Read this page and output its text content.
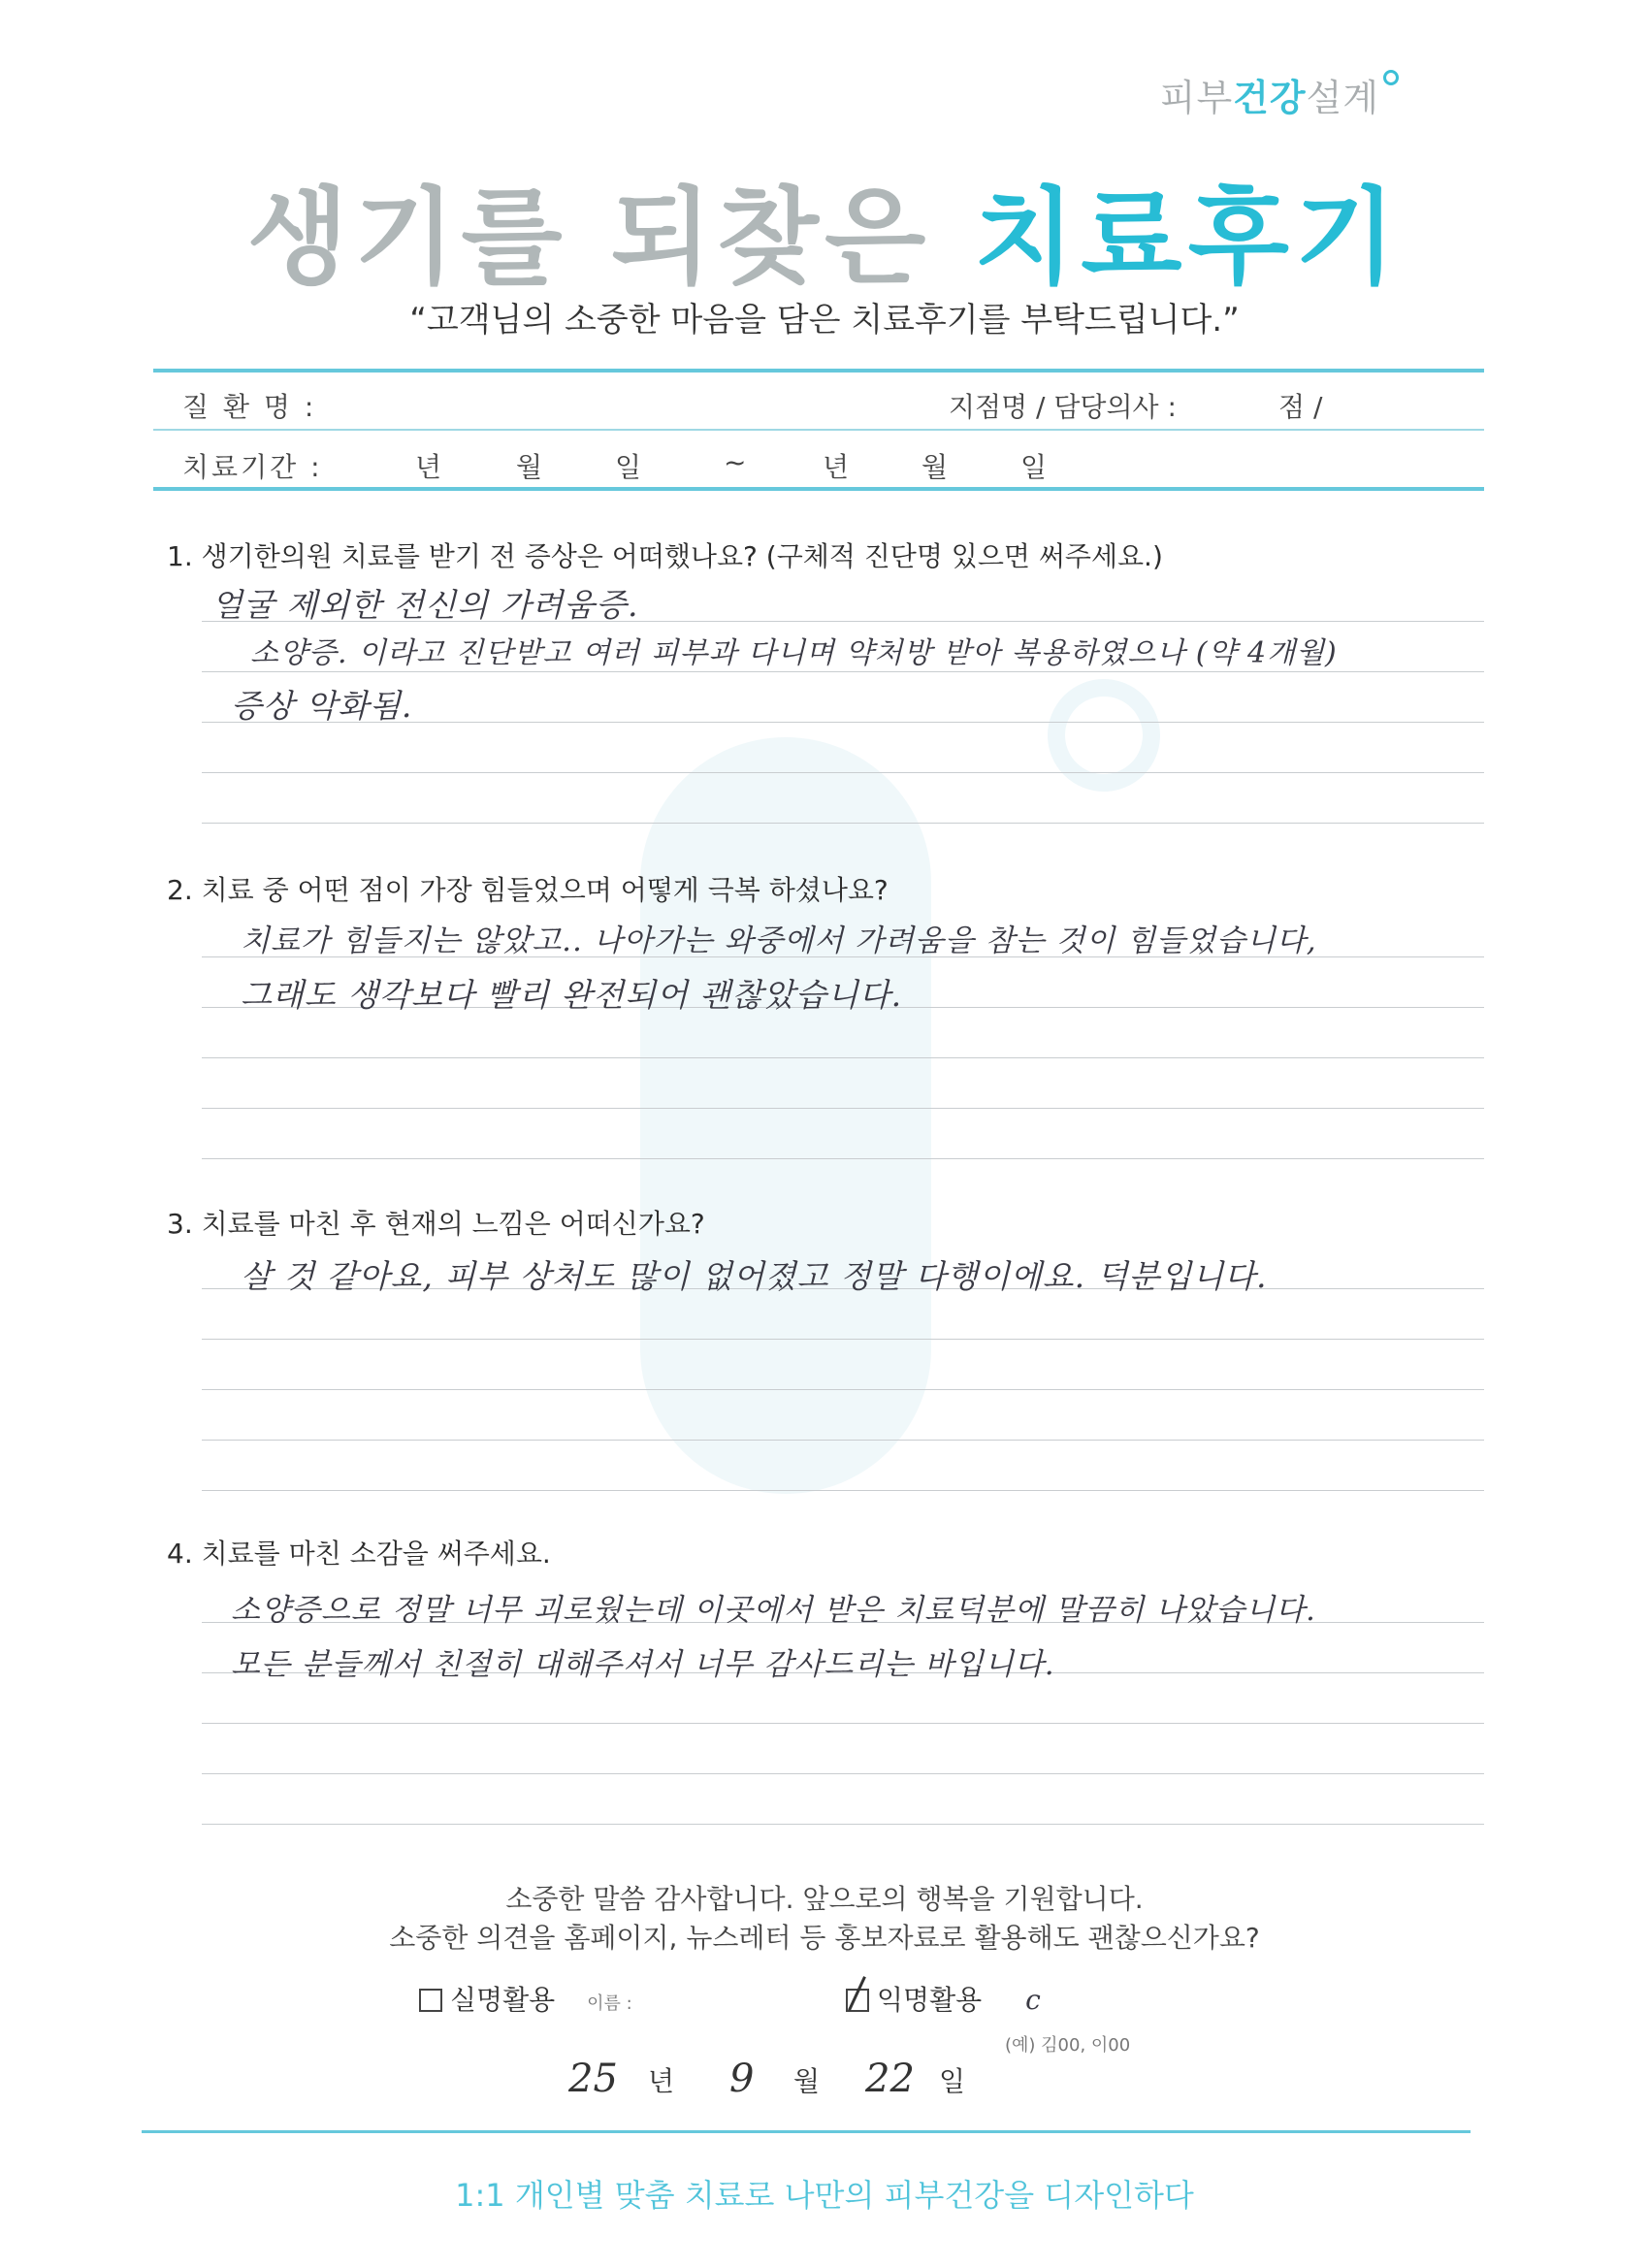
피부건강설계
생기를 되찾은 치료후기
“고객님의 소중한 마음을 담은 치료후기를 부탁드립니다.”
질 환 명 :	지점명 / 담당의사 :	점 /
치료기간 :	년	월	일	~	년	월	일
1. 생기한의원 치료를 받기 전 증상은 어떠했나요? (구체적 진단명 있으면 써주세요.)
얼굴 제외한 전신의 가려움증.
소양증. 이라고 진단받고 여러 피부과 다니며 약처방 받아 복용하였으나 (약 4개월)
증상 악화됨.
2. 치료 중 어떤 점이 가장 힘들었으며 어떻게 극복 하셨나요?
치료가 힘들지는 않았고.. 나아가는 와중에서 가려움을 참는 것이 힘들었습니다,
그래도 생각보다 빨리 완전되어 괜찮았습니다.
3. 치료를 마친 후 현재의 느낌은 어떠신가요?
살 것 같아요, 피부 상처도 많이 없어졌고 정말 다행이에요. 덕분입니다.
4. 치료를 마친 소감을 써주세요.
소양증으로 정말 너무 괴로웠는데 이곳에서 받은 치료덕분에 말끔히 나았습니다.
모든 분들께서 친절히 대해주셔서 너무 감사드리는 바입니다.
소중한 말씀 감사합니다. 앞으로의 행복을 기원합니다.
소중한 의견을 홈페이지, 뉴스레터 등 홍보자료로 활용해도 괜찮으신가요?
실명활용 이름 :	익명활용 c
(예) 김00, 이00
25 년 9 월 22 일
1:1 개인별 맞춤 치료로 나만의 피부건강을 디자인하다
